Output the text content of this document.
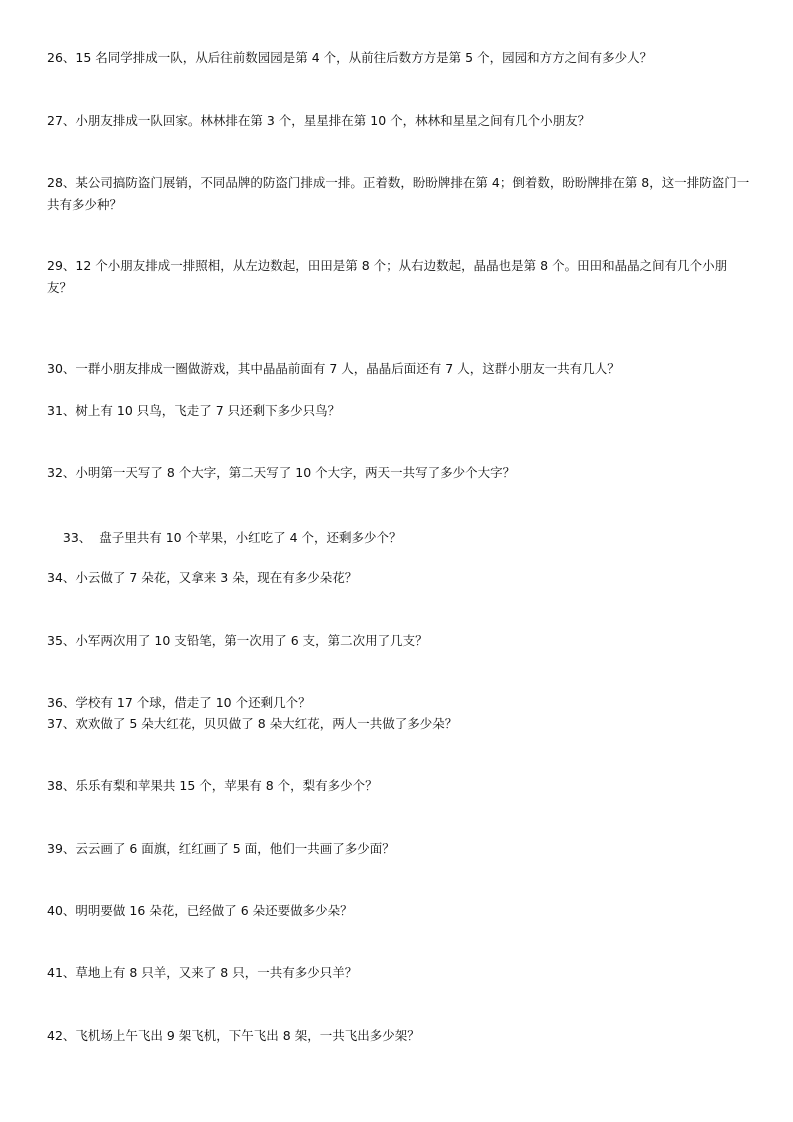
26、15 名同学排成一队，从后往前数园园是第 4 个，从前往后数方方是第 5 个，园园和方方之间有多少人？
27、小朋友排成一队回家。林林排在第 3 个，星星排在第 10 个，林林和星星之间有几个小朋友？
28、某公司搞防盗门展销，不同品牌的防盗门排成一排。正着数，盼盼牌排在第 4；倒着数，盼盼牌排在第 8，这一排防盗门一共有多少种？
29、12 个小朋友排成一排照相，从左边数起，田田是第 8 个；从右边数起，晶晶也是第 8 个。田田和晶晶之间有几个小朋友？
30、一群小朋友排成一圈做游戏，其中晶晶前面有 7 人，晶晶后面还有 7 人，这群小朋友一共有几人？
31、树上有 10 只鸟，飞走了 7 只还剩下多少只鸟？
32、小明第一天写了 8 个大字，第二天写了 10 个大字，两天一共写了多少个大字？

33、  盘子里共有 10 个苹果，小红吃了 4 个，还剩多少个？

34、小云做了 7 朵花，又拿来 3 朵，现在有多少朵花？
35、小军两次用了 10 支铅笔，第一次用了 6 支，第二次用了几支？
36、学校有 17 个球，借走了 10 个还剩几个？
37、欢欢做了 5 朵大红花，贝贝做了 8 朵大红花，两人一共做了多少朵？
38、乐乐有梨和苹果共 15 个，苹果有 8 个，梨有多少个？
39、云云画了 6 面旗，红红画了 5 面，他们一共画了多少面？
40、明明要做 16 朵花，已经做了 6 朵还要做多少朵？
41、草地上有 8 只羊，又来了 8 只，一共有多少只羊？
42、飞机场上午飞出 9 架飞机，下午飞出 8 架，一共飞出多少架？
